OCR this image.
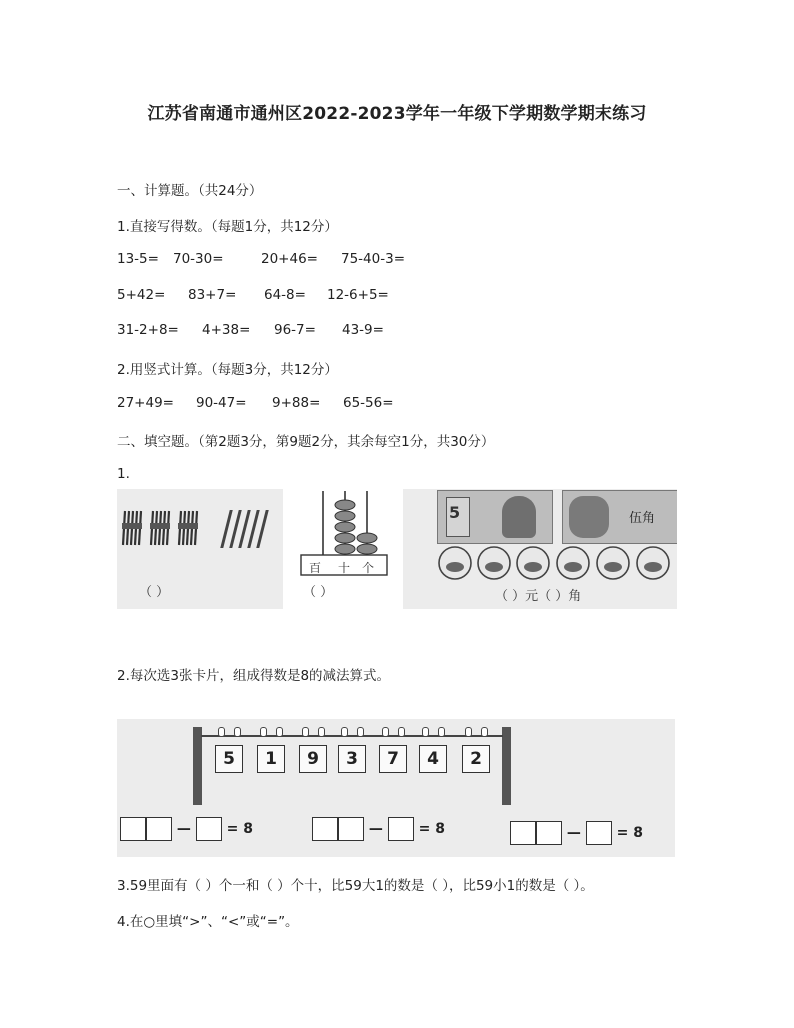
江苏省南通市通州区2022-2023学年一年级下学期数学期末练习
一、计算题。（共24分）
1.直接写得数。（每题1分，共12分）
13-5= 70-30=	20+46= 75-40-3=
5+42= 83+7= 64-8= 12-6+5=
31-2+8= 4+38= 96-7= 43-9=
2.用竖式计算。（每题3分，共12分）
27+49= 90-47= 9+88= 65-56=
二、填空题。（第2题3分，第9题2分，其余每空1分，共30分）
1.
（ ）
百 十 个
（ ）
5	伍角
（ ）元（ ）角
2.每次选3张卡片，组成得数是8的减法算式。
5	1	9	3	7	4	2
—	= 8	—	= 8	—	= 8
3.59里面有（ ）个一和（ ）个十，比59大1的数是（ ），比59小1的数是（ ）。
4.在○里填“>”、“<”或“=”。
